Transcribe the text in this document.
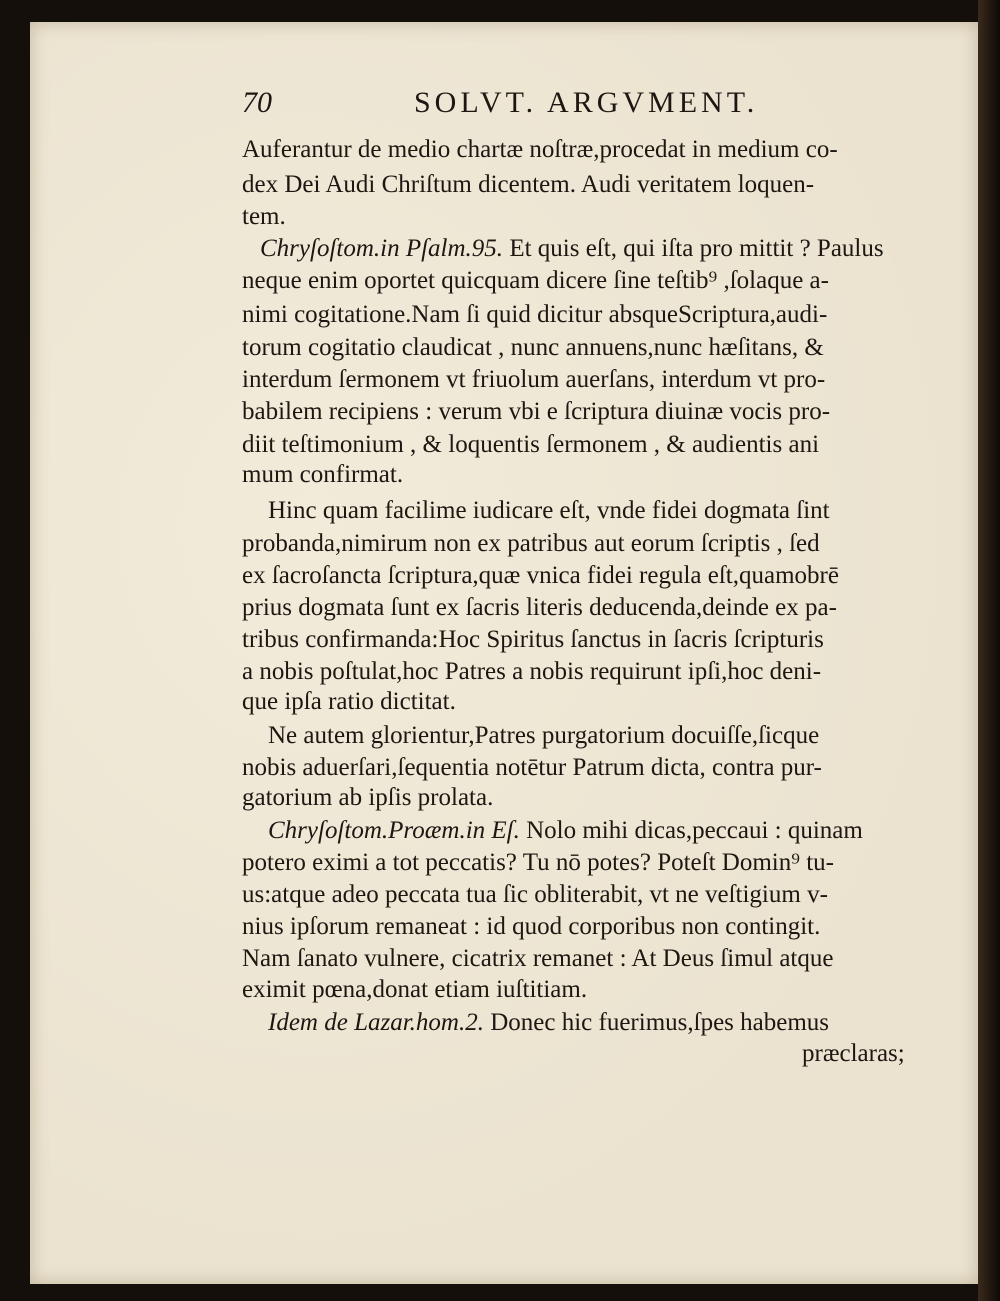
70	SOLVT. ARGVMENT.
Auferantur de medio chartæ noſtræ,procedat in medium co-
dex Dei Audi Chriſtum dicentem. Audi veritatem loquen-
tem.
Chryſoſtom.in Pſalm.95. Et quis eſt, qui iſta pro mittit ? Paulus
neque enim oportet quicquam dicere ſine teſtib⁹ ,ſolaque a-
nimi cogitatione.Nam ſi quid dicitur absqueScriptura,audi-
torum cogitatio claudicat , nunc annuens,nunc hæſitans, &
interdum ſermonem vt friuolum auerſans, interdum vt pro-
babilem recipiens : verum vbi e ſcriptura diuinæ vocis pro-
diit teſtimonium , & loquentis ſermonem , & audientis ani
mum confirmat.
Hinc quam facilime iudicare eſt, vnde fidei dogmata ſint
probanda,nimirum non ex patribus aut eorum ſcriptis , ſed
ex ſacroſancta ſcriptura,quæ vnica fidei regula eſt,quamobrē
prius dogmata ſunt ex ſacris literis deducenda,deinde ex pa-
tribus confirmanda:Hoc Spiritus ſanctus in ſacris ſcripturis
a nobis poſtulat,hoc Patres a nobis requirunt ipſi,hoc deni-
que ipſa ratio dictitat.
Ne autem glorientur,Patres purgatorium docuiſſe,ſicque
nobis aduerſari,ſequentia notētur Patrum dicta, contra pur-
gatorium ab ipſis prolata.
Chryſoſtom.Proæm.in Eſ. Nolo mihi dicas,peccaui : quinam
potero eximi a tot peccatis? Tu nō potes? Poteſt Domin⁹ tu-
us:atque adeo peccata tua ſic obliterabit, vt ne veſtigium v-
nius ipſorum remaneat : id quod corporibus non contingit.
Nam ſanato vulnere, cicatrix remanet : At Deus ſimul atque
eximit pœna,donat etiam iuſtitiam.
Idem de Lazar.hom.2. Donec hic fuerimus,ſpes habemus
præclaras;
